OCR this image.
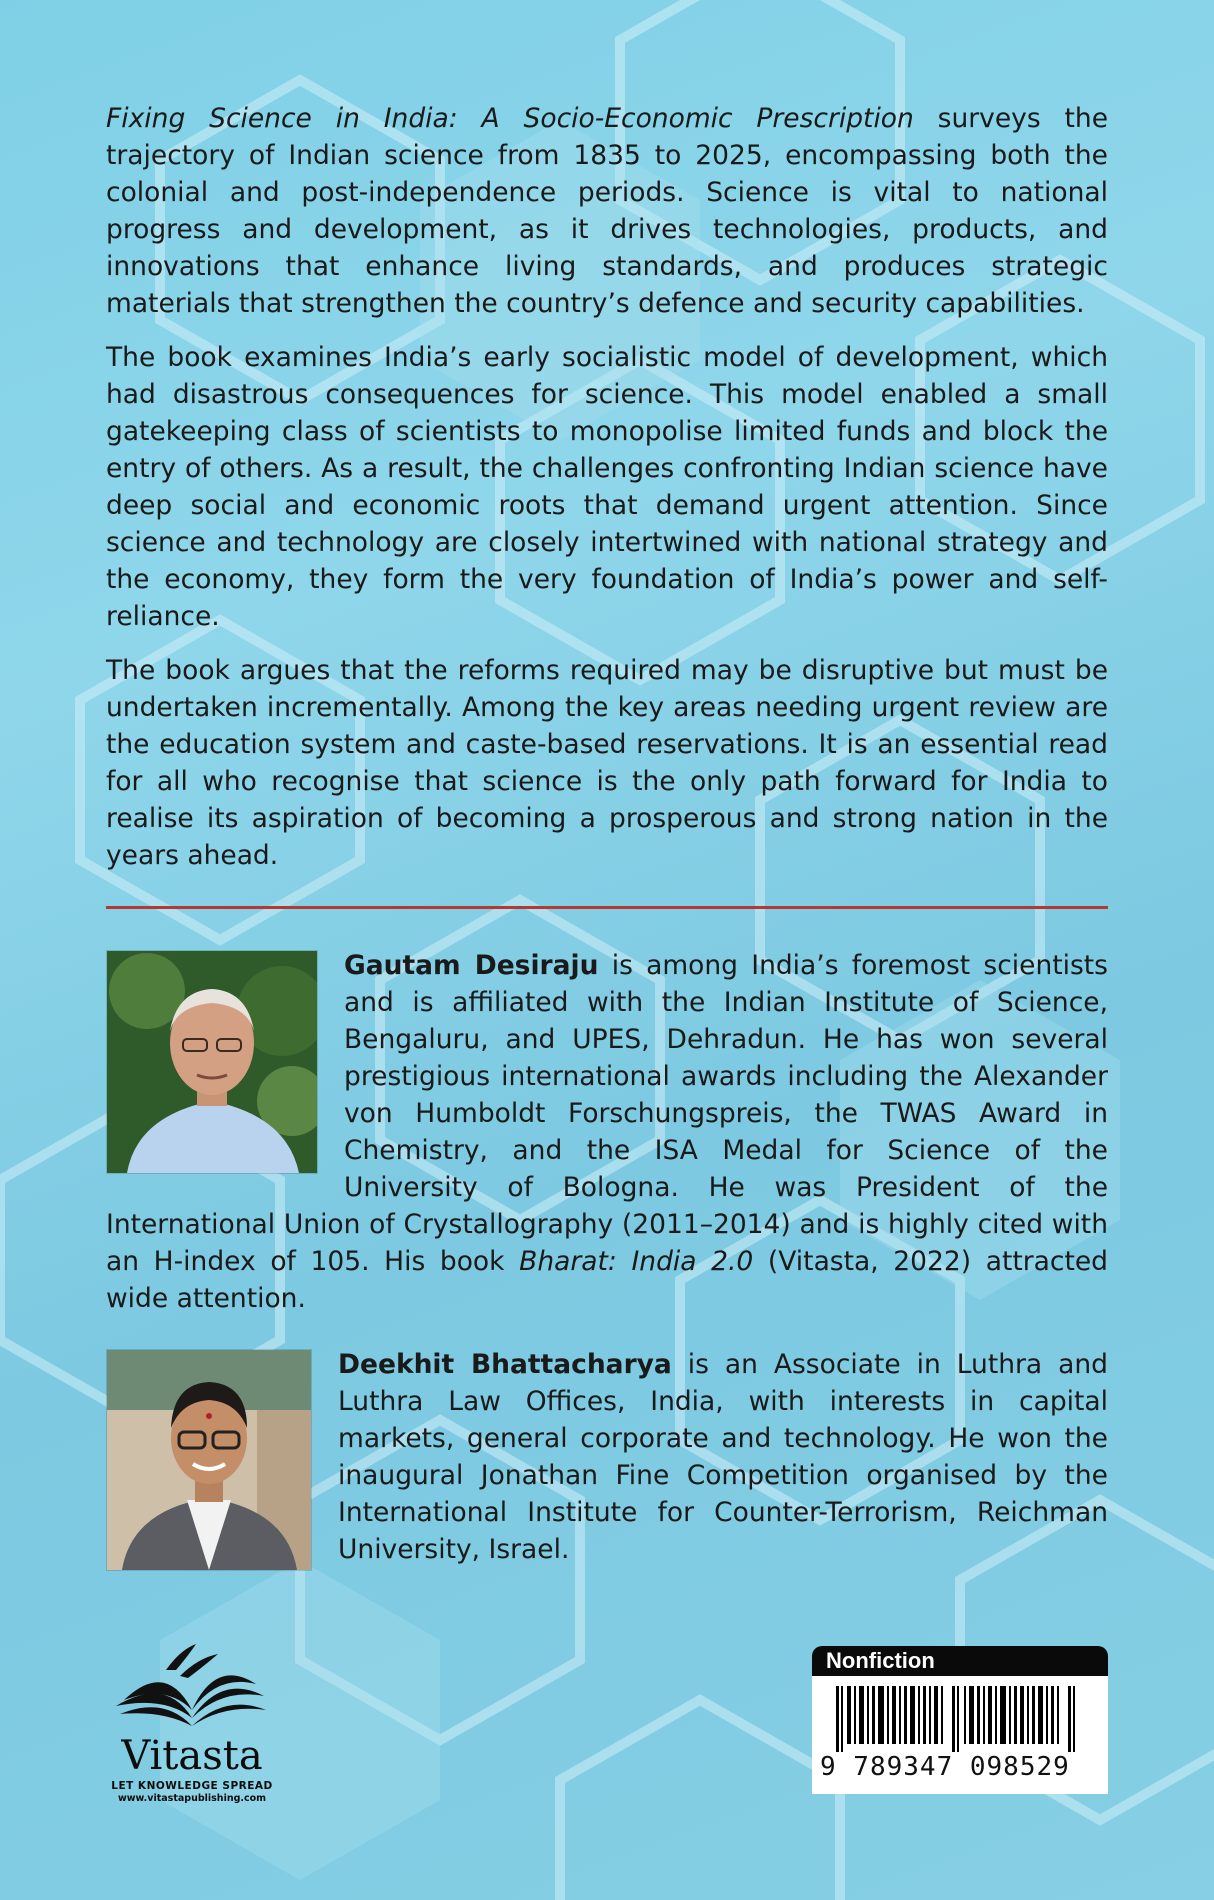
Fixing Science in India: A Socio-Economic Prescription surveys the trajectory of Indian science from 1835 to 2025, encompassing both the colonial and post-independence periods. Science is vital to national progress and development, as it drives technologies, products, and innovations that enhance living standards, and produces strategic materials that strengthen the country’s defence and security capabilities.

The book examines India’s early socialistic model of development, which had disastrous consequences for science. This model enabled a small gatekeeping class of scientists to monopolise limited funds and block the entry of others. As a result, the challenges confronting Indian science have deep social and economic roots that demand urgent attention. Since science and technology are closely intertwined with national strategy and the economy, they form the very foundation of India’s power and self-reliance.

The book argues that the reforms required may be disruptive but must be undertaken incrementally. Among the key areas needing urgent review are the education system and caste-based reservations. It is an essential read for all who recognise that science is the only path forward for India to realise its aspiration of becoming a prosperous and strong nation in the years ahead.

Gautam Desiraju is among India’s foremost scientists and is affiliated with the Indian Institute of Science, Bengaluru, and UPES, Dehradun. He has won several prestigious international awards including the Alexander von Humboldt Forschungspreis, the TWAS Award in Chemistry, and the ISA Medal for Science of the University of Bologna. He was President of the International Union of Crystallography (2011–2014) and is highly cited with an H-index of 105. His book Bharat: India 2.0 (Vitasta, 2022) attracted wide attention.
Deekhit Bhattacharya is an Associate in Luthra and Luthra Law Offices, India, with interests in capital markets, general corporate and technology. He won the inaugural Jonathan Fine Competition organised by the International Institute for Counter-Terrorism, Reichman University, Israel.
Vitasta
LET KNOWLEDGE SPREAD
www.vitastapublishing.com
Nonfiction
9 789347 098529
